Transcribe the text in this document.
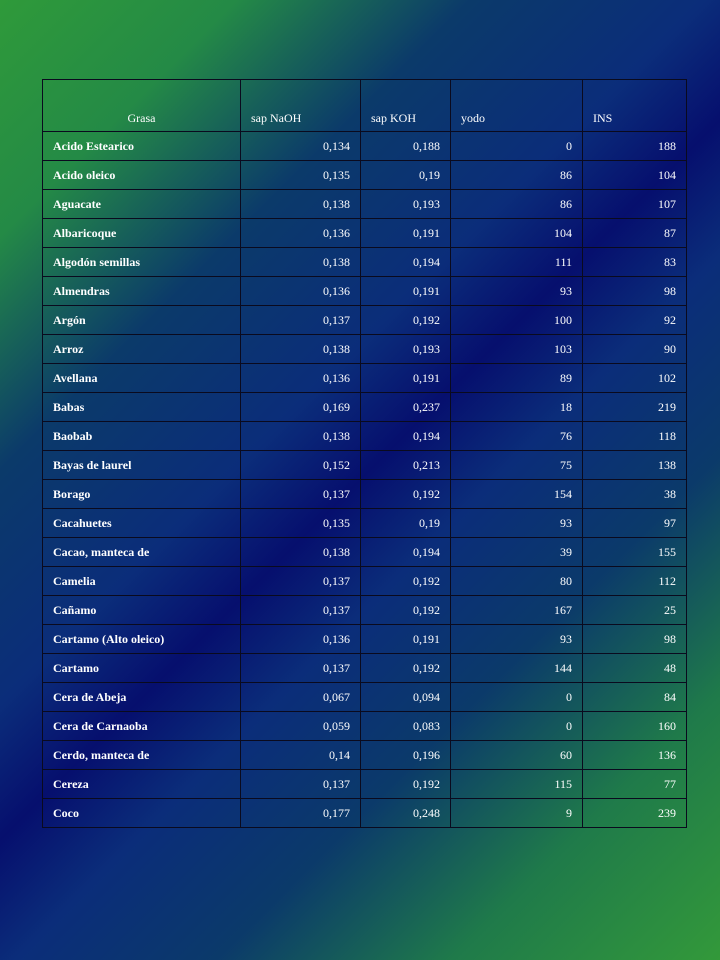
Grasa	sap NaOH	sap KOH	yodo	INS
Acido Estearico	0,134	0,188	0	188
Acido oleico	0,135	0,19	86	104
Aguacate	0,138	0,193	86	107
Albaricoque	0,136	0,191	104	87
Algodón semillas	0,138	0,194	111	83
Almendras	0,136	0,191	93	98
Argón	0,137	0,192	100	92
Arroz	0,138	0,193	103	90
Avellana	0,136	0,191	89	102
Babas	0,169	0,237	18	219
Baobab	0,138	0,194	76	118
Bayas de laurel	0,152	0,213	75	138
Borago	0,137	0,192	154	38
Cacahuetes	0,135	0,19	93	97
Cacao, manteca de	0,138	0,194	39	155
Camelia	0,137	0,192	80	112
Cañamo	0,137	0,192	167	25
Cartamo (Alto oleico)	0,136	0,191	93	98
Cartamo	0,137	0,192	144	48
Cera de Abeja	0,067	0,094	0	84
Cera de Carnaoba	0,059	0,083	0	160
Cerdo, manteca de	0,14	0,196	60	136
Cereza	0,137	0,192	115	77
Coco	0,177	0,248	9	239
